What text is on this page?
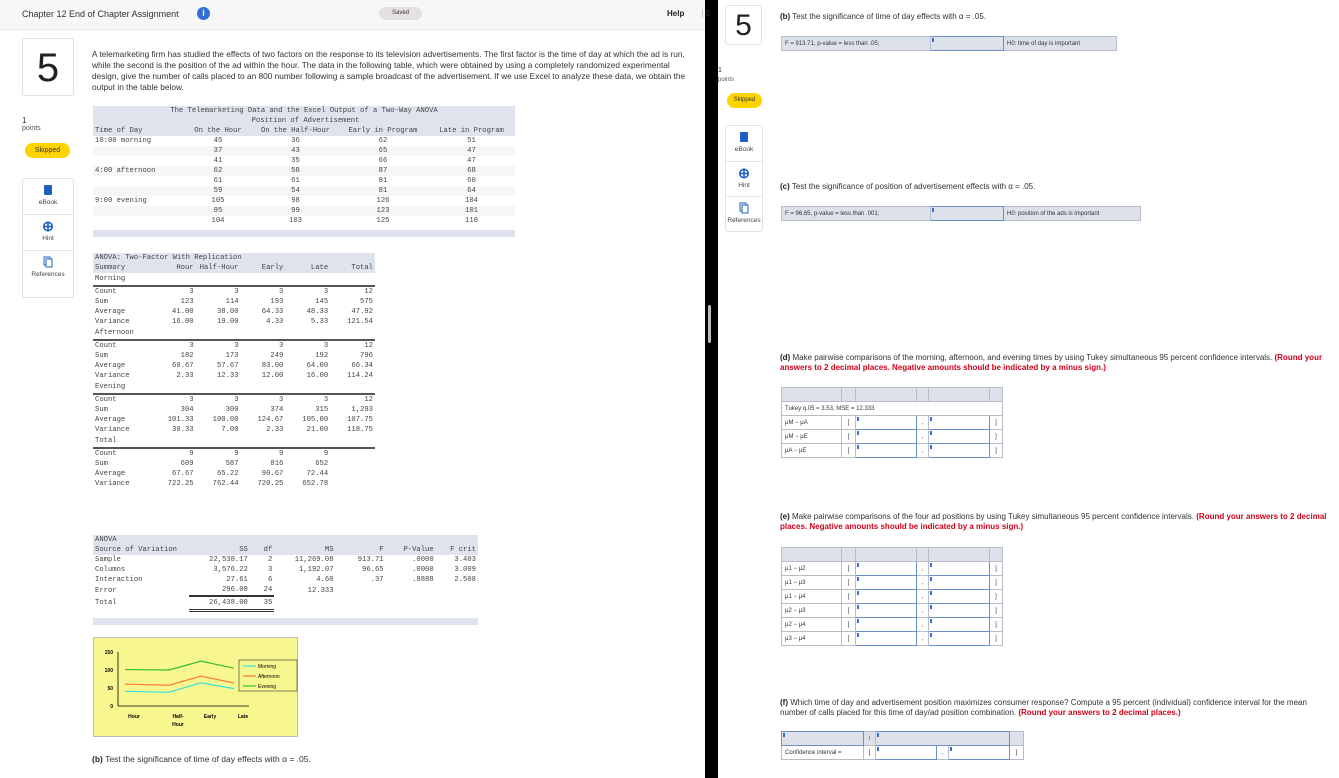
Chapter 12 End of Chapter Assignment	i	Saved	Help	S
5	A telemarketing firm has studied the effects of two factors on the response to its television advertisements. The first factor is the time of day at which the ad is run, while the second is the position of the ad within the hour. The data in the following table, which were obtained by using a completely randomized experimental design, give the number of calls placed to an 800 number following a sample broadcast of the advertisement. If we use Excel to analyze these data, we obtain the output in the table below.
1
points
Skipped
eBook
Hint
References
The Telemarketing Data and the Excel Output of a Two-Way ANOVA				
	Position of Advertisement			
Time of Day	On the Hour	On the Half-Hour	Early in Program	Late in Program
10:00 morning	45	36	62	51
	37	43	65	47
	41	35	66	47
4:00 afternoon	62	58	87	68
	61	61	81	60
	59	54	81	64
9:00 evening	105	98	126	104
	95	99	123	101
	104	103	125	110
ANOVA: Two-Factor With Replication					
Summary	Hour	Half-Hour	Early	Late	Total
Morning					
Count	3	3	3	3	12
Sum	123	114	193	145	575
Average	41.00	38.00	64.33	48.33	47.92
Variance	16.00	19.00	4.33	5.33	121.54
Afternoon					
Count	3	3	3	3	12
Sum	182	173	249	192	796
Average	60.67	57.67	83.00	64.00	66.34
Variance	2.33	12.33	12.00	16.00	114.24
Evening					
Count	3	3	3	3	12
Sum	304	300	374	315	1,293
Average	101.33	100.00	124.67	105.00	107.75
Variance	30.33	7.00	2.33	21.00	118.75
Total					
Count	9	9	9	9	
Sum	609	587	816	652	
Average	67.67	65.22	90.67	72.44	
Variance	722.25	762.44	720.25	652.78	
ANOVA						
Source of Variation	SS	df	MS	F	P-Value	F crit
Sample	22,538.17	2	11,269.08	913.71	.0000	3.403
Columns	3,576.22	3	1,192.07	96.65	.0000	3.009
Interaction	27.61	6	4.60	.37	.8888	2.508
Error	296.00	24	12.333			
Total	26,438.00	35				
0
50
100
150
Hour	Half-
Hour
Early	Late
Morning
Afternoon
Evening
(b) Test the significance of time of day effects with α = .05.
5
1
points
Skipped
eBook
Hint
References
(b) Test the significance of time of day effects with α = .05.
F = 913.71, p-value = less than .05;		H0: time of day is important
(c) Test the significance of position of advertisement effects with α = .05.
F = 96.65, p-value = less than .001;		H0: position of the ads is important
(d) Make pairwise comparisons of the morning, afternoon, and evening times by using Tukey simultaneous 95 percent confidence intervals. (Round your answers to 2 decimal places. Negative amounts should be indicated by a minus sign.)

Tukey q.05 = 3.53, MSE = 12.333					
μM − μA	[		,		]
μM − μE	[		,		]
μA − μE	[		,		]
(e) Make pairwise comparisons of the four ad positions by using Tukey simultaneous 95 percent confidence intervals. (Round your answers to 2 decimal places. Negative amounts should be indicated by a minus sign.)

μ1 − μ2	[		,		]
μ1 − μ3	[		,		]
μ1 − μ4	[		,		]
μ2 − μ3	[		,		]
μ2 − μ4	[		,		]
μ3 − μ4	[		,		]
(f) Which time of day and advertisement position maximizes consumer response? Compute a 95 percent (individual) confidence interval for the mean number of calls placed for this time of day/ad position combination. (Round your answers to 2 decimal places.)
	/				
Confidence interval =	[		,		]
